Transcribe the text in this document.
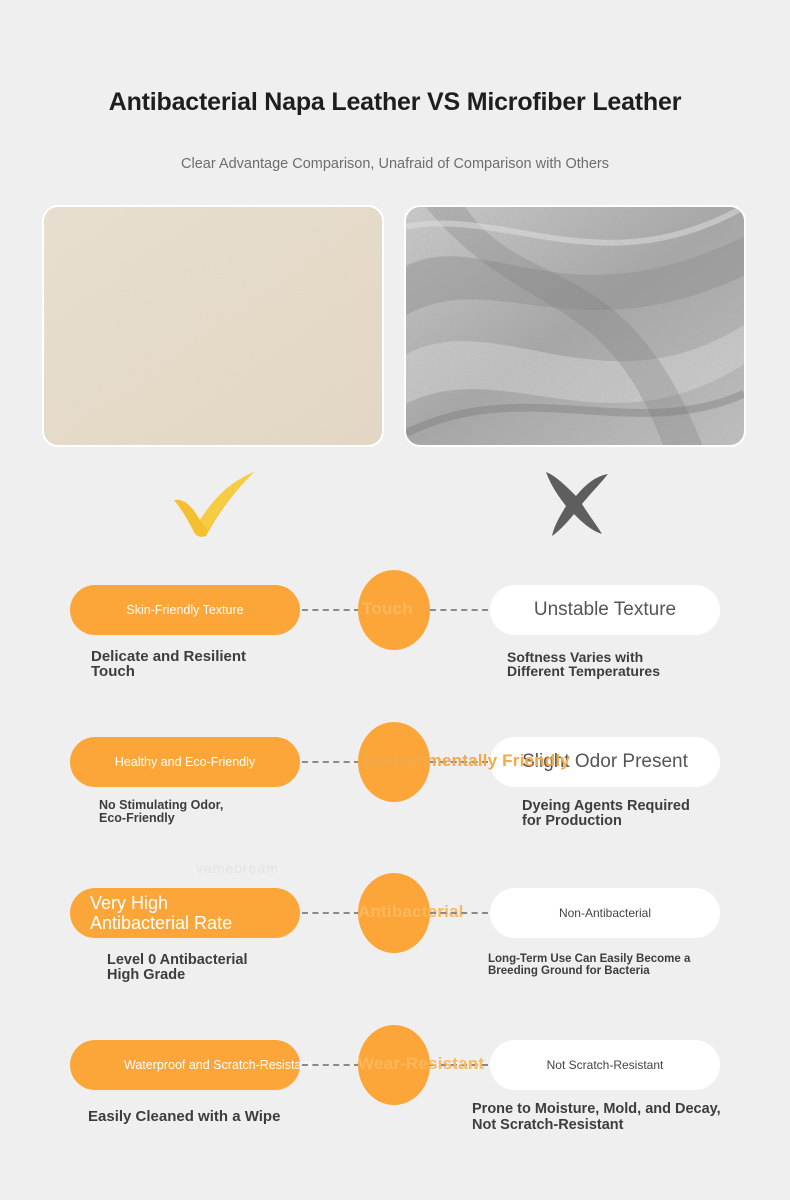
Antibacterial Napa Leather VS Microfiber Leather
Clear Advantage Comparison, Unafraid of Comparison with Others
vameoream
Skin-Friendly Texture	Touch	Unstable Texture
Delicate and Resilient
Touch
Softness Varies with
Different Temperatures
Healthy and Eco-Friendly	Slight Odor Present
Environmentally Friendly
No Stimulating Odor,
Eco-Friendly
Dyeing Agents Required
for Production
Very High
Antibacterial Rate
Antibacterial	Non-Antibacterial
Level 0 Antibacterial
High Grade
Long-Term Use Can Easily Become a
Breeding Ground for Bacteria
Waterproof and Scratch-Resistant	Not Scratch-Resistant
Wear-Resistant
Easily Cleaned with a Wipe	Prone to Moisture, Mold, and Decay,
Not Scratch-Resistant
